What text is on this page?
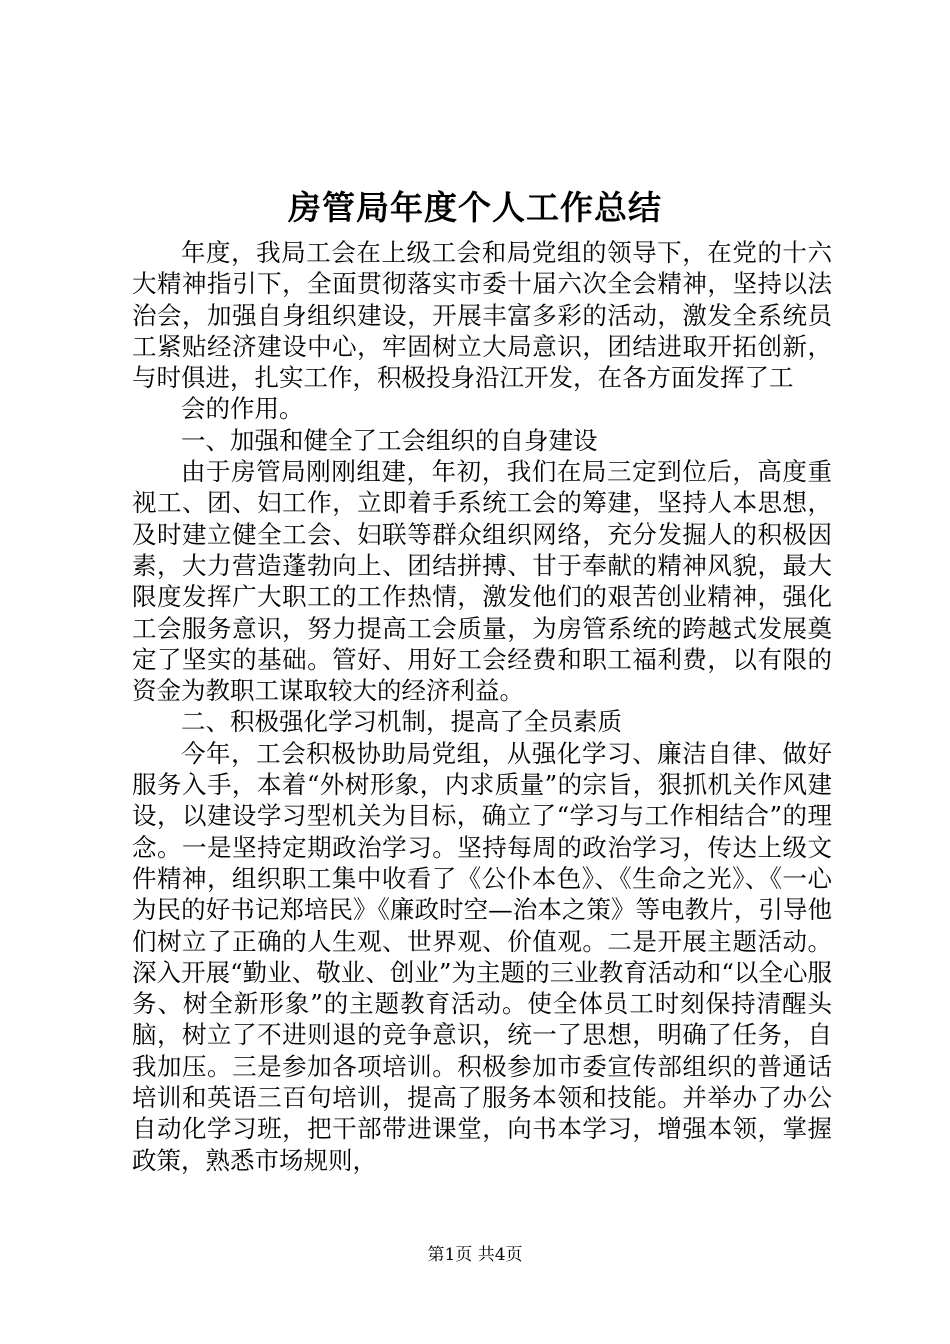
房管局年度个人工作总结

年度，我局工会在上级工会和局党组的领导下，在党的十六大精神指引下，全面贯彻落实市委十届六次全会精神，坚持以法治会，加强自身组织建设，开展丰富多彩的活动，激发全系统员工紧贴经济建设中心，牢固树立大局意识，团结进取开拓创新，与时俱进，扎实工作，积极投身沿江开发，在各方面发挥了工

会的作用。

一、加强和健全了工会组织的自身建设

由于房管局刚刚组建，年初，我们在局三定到位后，高度重视工、团、妇工作，立即着手系统工会的筹建，坚持人本思想，及时建立健全工会、妇联等群众组织网络，充分发掘人的积极因素，大力营造蓬勃向上、团结拼搏、甘于奉献的精神风貌，最大限度发挥广大职工的工作热情，激发他们的艰苦创业精神，强化工会服务意识，努力提高工会质量，为房管系统的跨越式发展奠定了坚实的基础。管好、用好工会经费和职工福利费，以有限的资金为教职工谋取较大的经济利益。

二、积极强化学习机制，提高了全员素质

今年，工会积极协助局党组，从强化学习、廉洁自律、做好服务入手，本着“外树形象，内求质量”的宗旨，狠抓机关作风建设，以建设学习型机关为目标，确立了“学习与工作相结合”的理念。一是坚持定期政治学习。坚持每周的政治学习，传达上级文件精神，组织职工集中收看了《公仆本色》、《生命之光》、《一心为民的好书记郑培民》《廉政时空—治本之策》等电教片，引导他们树立了正确的人生观、世界观、价值观。二是开展主题活动。深入开展“勤业、敬业、创业”为主题的三业教育活动和“以全心服务、树全新形象”的主题教育活动。使全体员工时刻保持清醒头脑，树立了不进则退的竞争意识，统一了思想，明确了任务，自我加压。三是参加各项培训。积极参加市委宣传部组织的普通话培训和英语三百句培训，提高了服务本领和技能。并举办了办公自动化学习班，把干部带进课堂，向书本学习，增强本领，掌握政策，熟悉市场规则，

第1页 共4页
